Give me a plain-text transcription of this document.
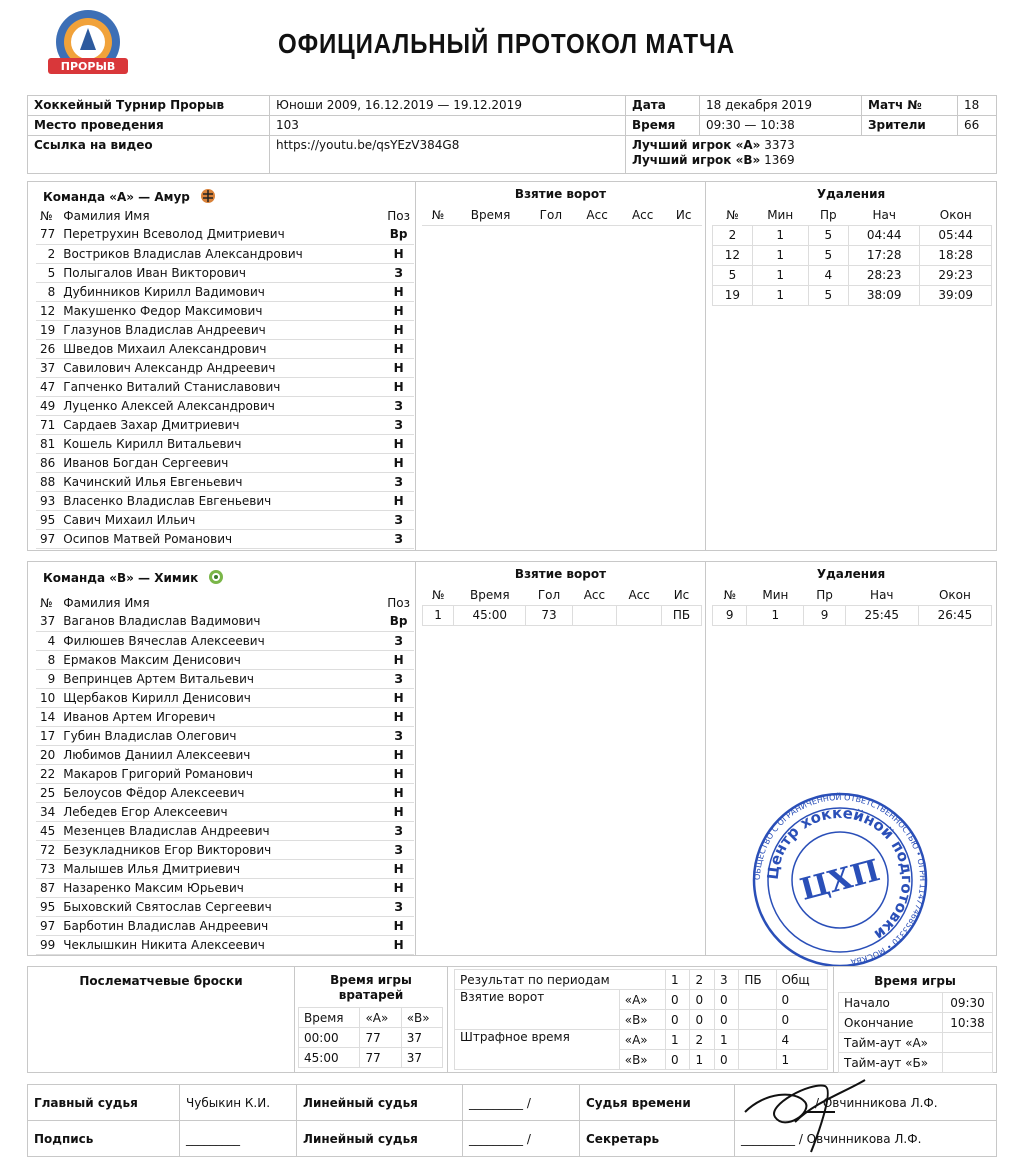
ПРОРЫВ
ОФИЦИАЛЬНЫЙ ПРОТОКОЛ МАТЧА
Хоккейный Турнир Прорыв	Юноши 2009, 16.12.2019 — 19.12.2019	Дата	18 декабря 2019	Матч №	18
Место проведения	103	Время	09:30 — 10:38	Зрители	66
Ссылка на видео	https://youtu.be/qsYEzV384G8	Лучший игрок «А» 3373
Лучший игрок «В» 1369			
Команда «А» — Амур
№	Фамилия Имя	Поз
77	Перетрухин Всеволод Дмитриевич	Вр
2	Востриков Владислав Александрович	Н
5	Полыгалов Иван Викторович	З
8	Дубинников Кирилл Вадимович	Н
12	Макушенко Федор Максимович	Н
19	Глазунов Владислав Андреевич	Н
26	Шведов Михаил Александрович	Н
37	Савилович Александр Андреевич	Н
47	Гапченко Виталий Станиславович	Н
49	Луценко Алексей Александрович	З
71	Сардаев Захар Дмитриевич	З
81	Кошель Кирилл Витальевич	Н
86	Иванов Богдан Сергеевич	Н
88	Качинский Илья Евгеньевич	З
93	Власенко Владислав Евгеньевич	Н
95	Савич Михаил Ильич	З
97	Осипов Матвей Романович	З
Взятие ворот
№	Время	Гол	Асс	Асс	Ис
Удаления
№	Мин	Пр	Нач	Окон
2	1	5	04:44	05:44
12	1	5	17:28	18:28
5	1	4	28:23	29:23
19	1	5	38:09	39:09
Команда «В» — Химик
№	Фамилия Имя	Поз
37	Ваганов Владислав Вадимович	Вр
4	Филюшев Вячеслав Алексеевич	З
8	Ермаков Максим Денисович	Н
9	Вепринцев Артем Витальевич	З
10	Щербаков Кирилл Денисович	Н
14	Иванов Артем Игоревич	Н
17	Губин Владислав Олегович	З
20	Любимов Даниил Алексеевич	Н
22	Макаров Григорий Романович	Н
25	Белоусов Фёдор Алексеевич	Н
34	Лебедев Егор Алексеевич	Н
45	Мезенцев Владислав Андреевич	З
72	Безукладников Егор Викторович	З
73	Малышев Илья Дмитриевич	Н
87	Назаренко Максим Юрьевич	Н
95	Быховский Святослав Сергеевич	З
97	Барботин Владислав Андреевич	Н
99	Чеклышкин Никита Алексеевич	Н
Взятие ворот
№	Время	Гол	Асс	Асс	Ис
1	45:00	73			ПБ
Удаления
№	Мин	Пр	Нач	Окон
9	1	9	25:45	26:45
ОБЩЕСТВО С ОГРАНИЧЕННОЙ ОТВЕТСТВЕННОСТЬЮ • ОГРН 1147746853310 • МОСКВА
Центр хоккейной подготовки
ЦХП
Послематчевые броски	Время игры вратарей
Время	«А»	«В»
00:00	77	37
45:00	77	37
Результат по периодам		1	2	3	ПБ	Общ
Взятие ворот	«А»	0	0	0		0
	«В»	0	0	0		0
Штрафное время	«А»	1	2	1		4
	«В»	0	1	0		1
Время игры
Начало	09:30
Окончание	10:38
Тайм-аут «А»	
Тайм-аут «Б»	
Главный судья	Чубыкин К.И.	Линейный судья	_________ /	Судья времени	/ Овчинникова Л.Ф.
Подпись	_________	Линейный судья	_________ /	Секретарь	_________ / Овчинникова Л.Ф.
